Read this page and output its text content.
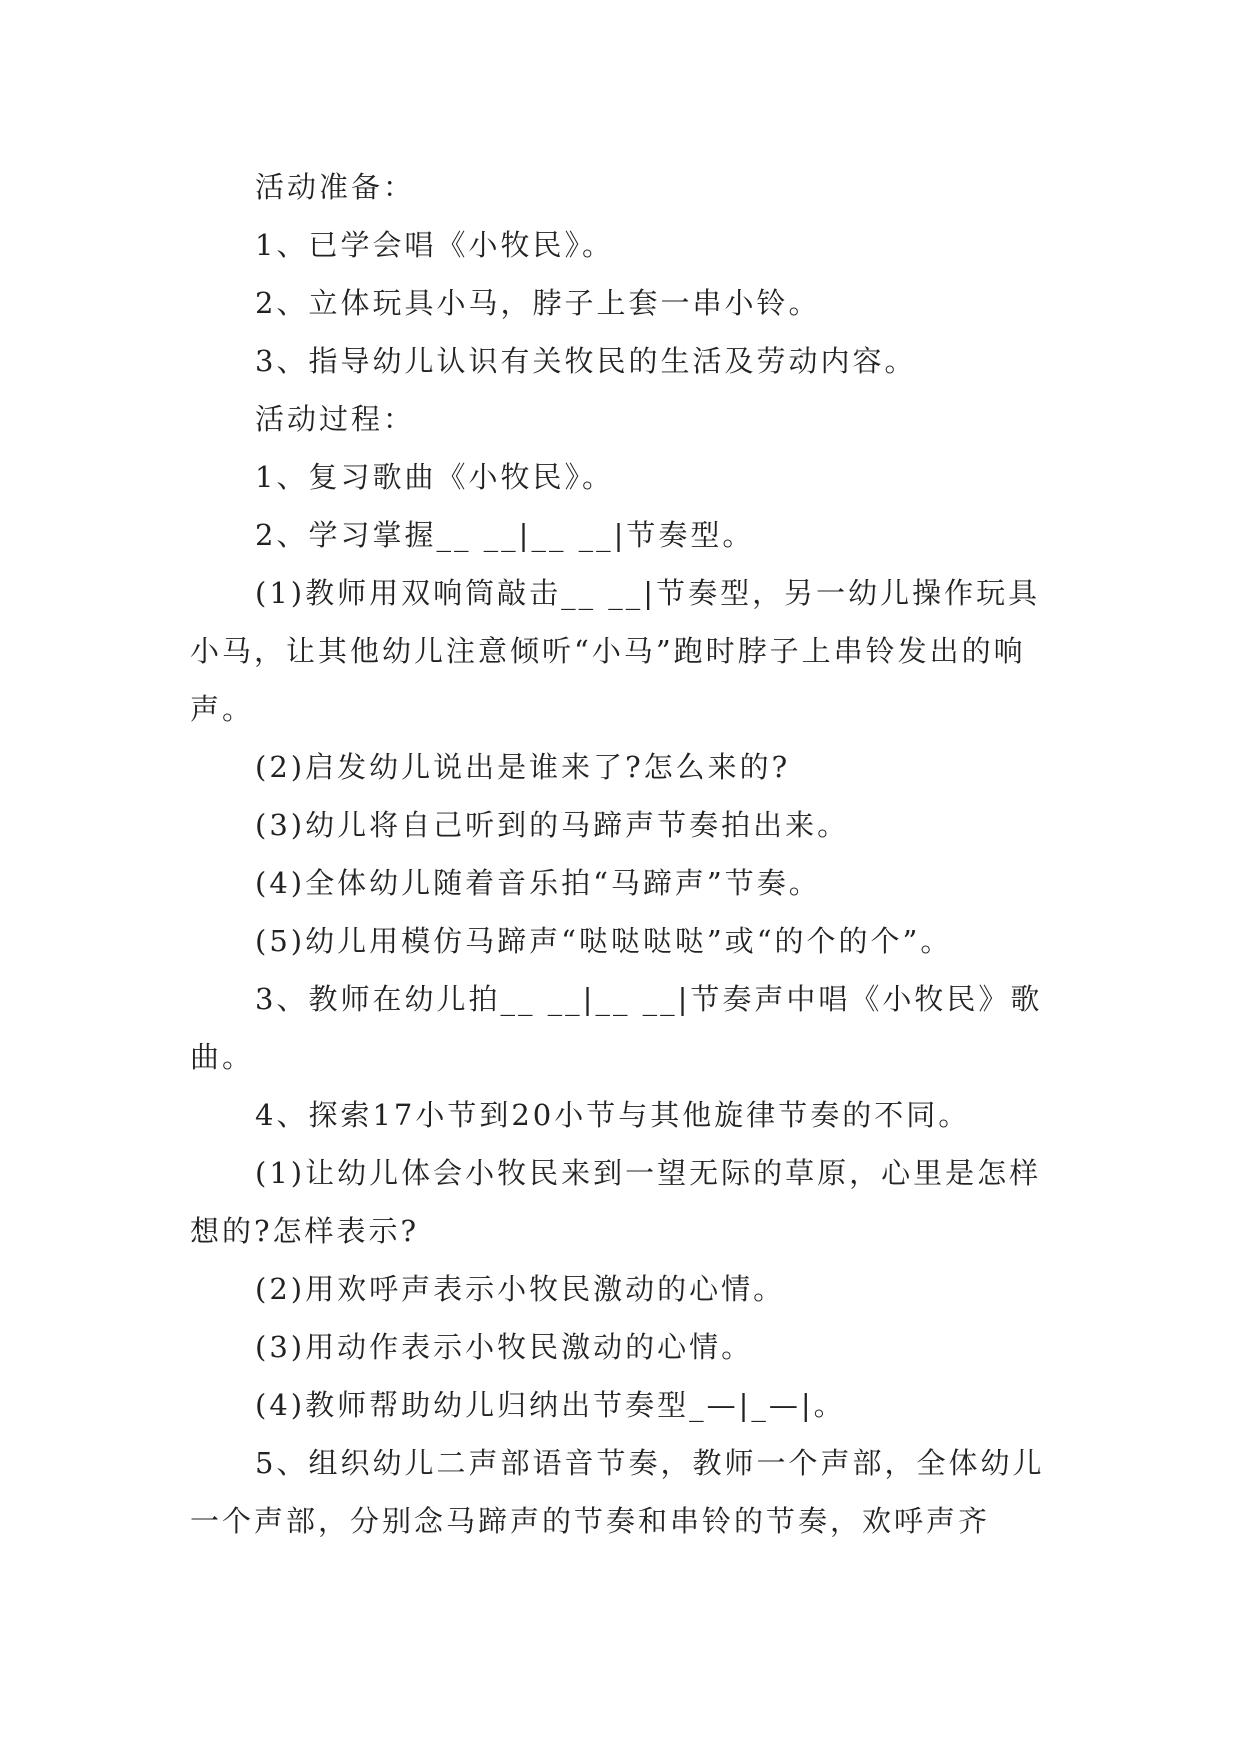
活动准备：

1、已学会唱《小牧民》。

2、立体玩具小马，脖子上套一串小铃。

3、指导幼儿认识有关牧民的生活及劳动内容。

活动过程：

1、复习歌曲《小牧民》。

2、学习掌握__ __|__ __|节奏型。

(1)教师用双响筒敲击__ __|节奏型，另一幼儿操作玩具小马，让其他幼儿注意倾听“小马”跑时脖子上串铃发出的响声。

(2)启发幼儿说出是谁来了?怎么来的?

(3)幼儿将自己听到的马蹄声节奏拍出来。

(4)全体幼儿随着音乐拍“马蹄声”节奏。

(5)幼儿用模仿马蹄声“哒哒哒哒”或“的个的个”。

3、教师在幼儿拍__ __|__ __|节奏声中唱《小牧民》歌曲。

4、探索17小节到20小节与其他旋律节奏的不同。

(1)让幼儿体会小牧民来到一望无际的草原，心里是怎样想的?怎样表示?

(2)用欢呼声表示小牧民激动的心情。

(3)用动作表示小牧民激动的心情。

(4)教师帮助幼儿归纳出节奏型_—|_—|。

5、组织幼儿二声部语音节奏，教师一个声部，全体幼儿一个声部，分别念马蹄声的节奏和串铃的节奏，欢呼声齐
